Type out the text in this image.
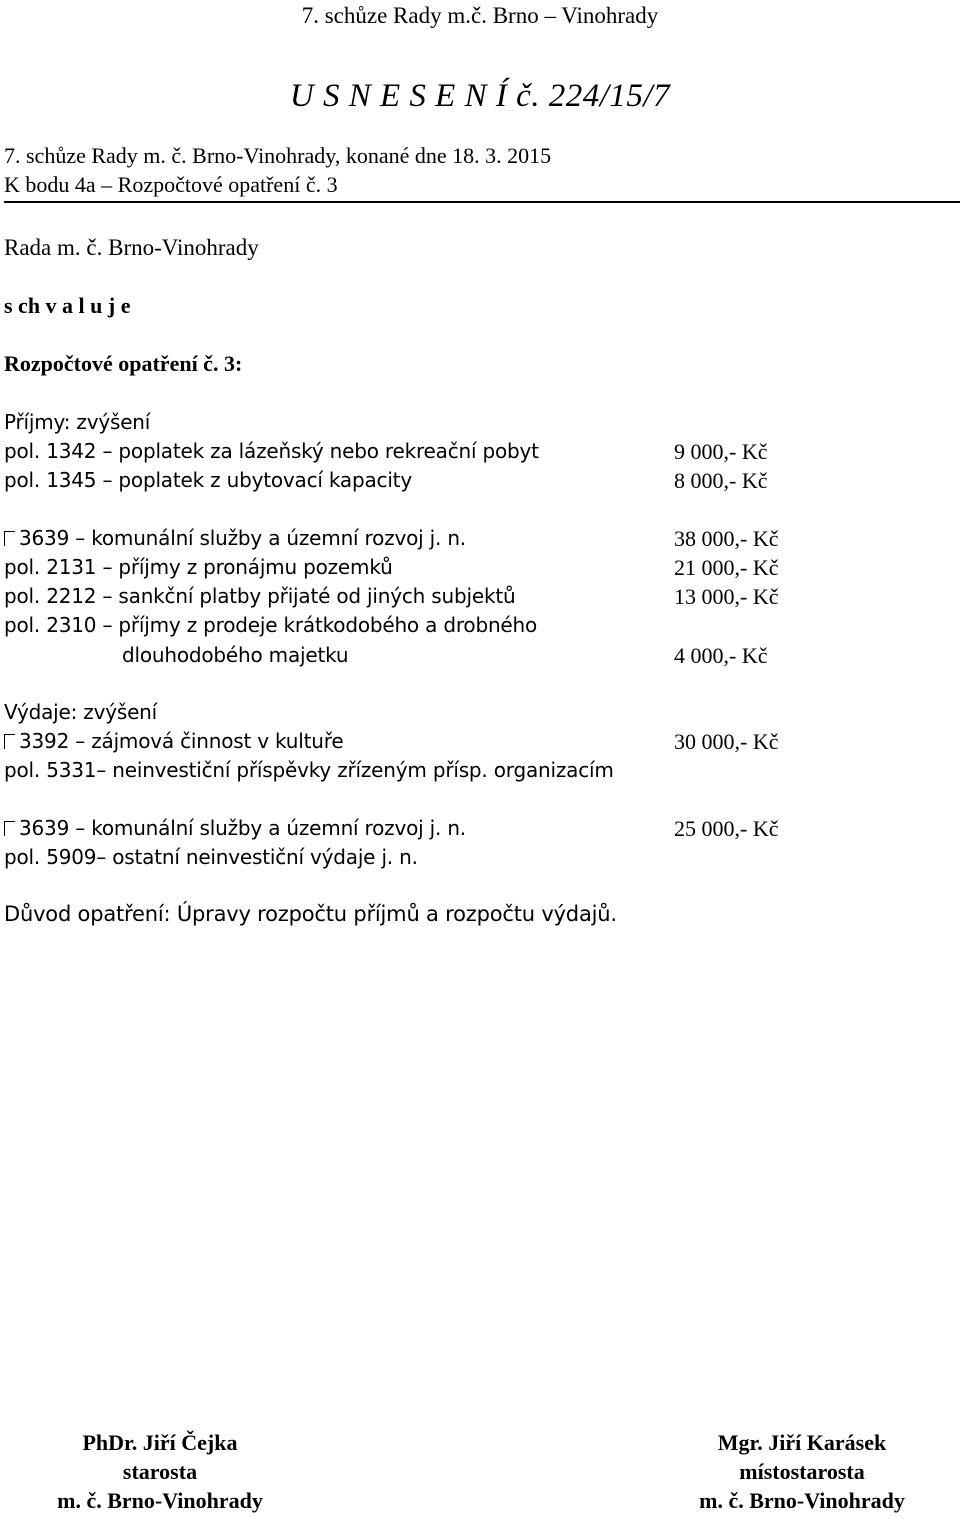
7. schůze Rady m.č. Brno – Vinohrady
U S N E S E N Í č. 224/15/7
7. schůze Rady m. č. Brno-Vinohrady, konané dne 18. 3. 2015
K bodu 4a – Rozpočtové opatření č. 3
Rada m. č. Brno-Vinohrady
s ch v a l u j e
Rozpočtové opatření č. 3:
Příjmy: zvýšení
pol. 1342 – poplatek za lázeňský nebo rekreační pobyt	9 000,- Kč
pol. 1345 – poplatek z ubytovací kapacity	8 000,- Kč
3639 – komunální služby a územní rozvoj j. n.	38 000,- Kč
pol. 2131 – příjmy z pronájmu pozemků	21 000,- Kč
pol. 2212 – sankční platby přijaté od jiných subjektů	13 000,- Kč
pol. 2310 – příjmy z prodeje krátkodobého a drobného
dlouhodobého majetku	4 000,- Kč
Výdaje: zvýšení
3392 – zájmová činnost v kultuře	30 000,- Kč
pol. 5331– neinvestiční příspěvky zřízeným přísp. organizacím
3639 – komunální služby a územní rozvoj j. n.	25 000,- Kč
pol. 5909– ostatní neinvestiční výdaje j. n.
Důvod opatření: Úpravy rozpočtu příjmů a rozpočtu výdajů.
PhDr. Jiří Čejka
starosta
m. č. Brno-Vinohrady
Mgr. Jiří Karásek
místostarosta
m. č. Brno-Vinohrady
